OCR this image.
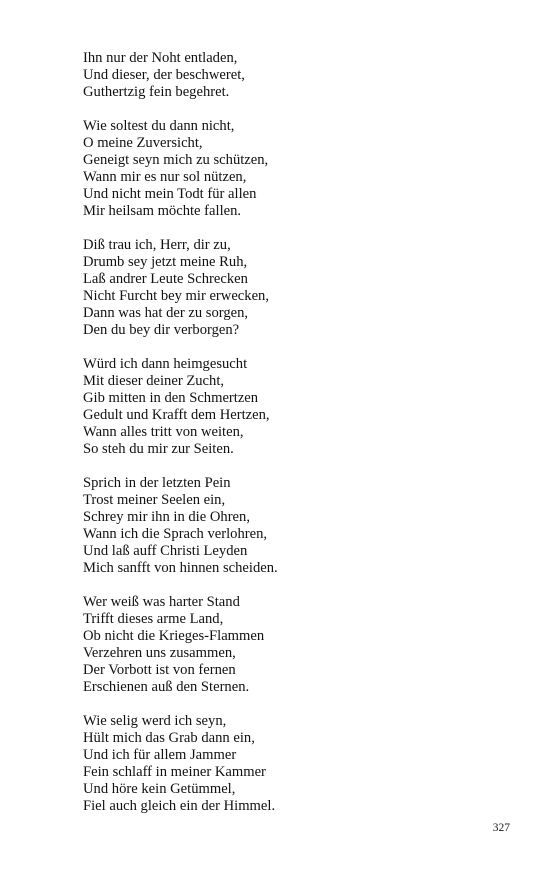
Ihn nur der Noht entladen,
Und dieser, der beschweret,
Guthertzig fein begehret.
Wie soltest du dann nicht,
O meine Zuversicht,
Geneigt seyn mich zu schützen,
Wann mir es nur sol nützen,
Und nicht mein Todt für allen
Mir heilsam möchte fallen.
Diß trau ich, Herr, dir zu,
Drumb sey jetzt meine Ruh,
Laß andrer Leute Schrecken
Nicht Furcht bey mir erwecken,
Dann was hat der zu sorgen,
Den du bey dir verborgen?
Würd ich dann heimgesucht
Mit dieser deiner Zucht,
Gib mitten in den Schmertzen
Gedult und Krafft dem Hertzen,
Wann alles tritt von weiten,
So steh du mir zur Seiten.
Sprich in der letzten Pein
Trost meiner Seelen ein,
Schrey mir ihn in die Ohren,
Wann ich die Sprach verlohren,
Und laß auff Christi Leyden
Mich sanfft von hinnen scheiden.
Wer weiß was harter Stand
Trifft dieses arme Land,
Ob nicht die Krieges-Flammen
Verzehren uns zusammen,
Der Vorbott ist von fernen
Erschienen auß den Sternen.
Wie selig werd ich seyn,
Hült mich das Grab dann ein,
Und ich für allem Jammer
Fein schlaff in meiner Kammer
Und höre kein Getümmel,
Fiel auch gleich ein der Himmel.
327
